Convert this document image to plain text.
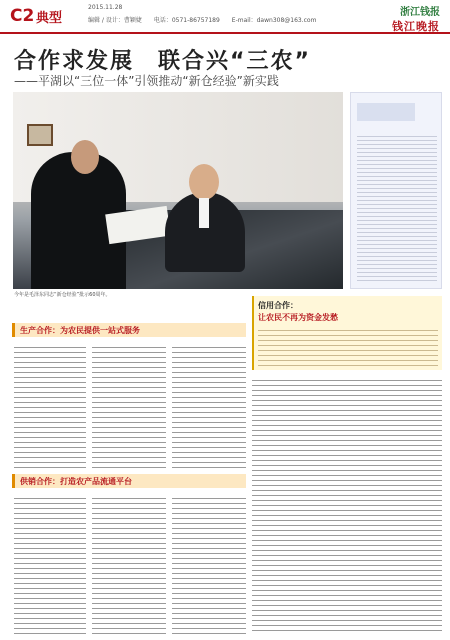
C2 典型
2015.11.28
编辑 / 设计：曹颖婕　　电话：0571-86757189　　E-mail：dawn308@163.com
浙江钱报
钱江晚报
合作求发展　联合兴“三农”
——平湖以“三位一体”引领推动“新仓经验”新实践
今年是毛泽东同志“新仓经验”批示60周年。
信用合作：
让农民不再为资金发愁
生产合作：为农民提供一站式服务
供销合作：打造农产品流通平台
